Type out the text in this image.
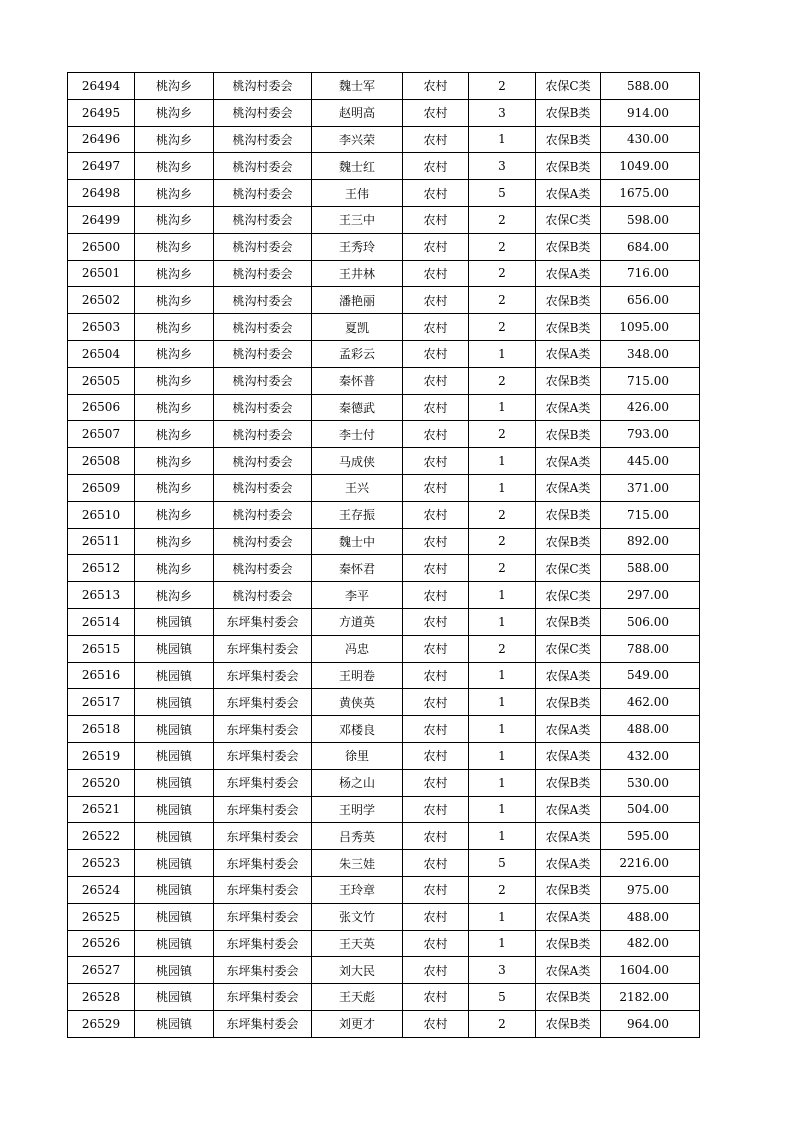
26494	桃沟乡	桃沟村委会	魏士军	农村	2	农保C类	588.00
26495	桃沟乡	桃沟村委会	赵明高	农村	3	农保B类	914.00
26496	桃沟乡	桃沟村委会	李兴荣	农村	1	农保B类	430.00
26497	桃沟乡	桃沟村委会	魏士红	农村	3	农保B类	1049.00
26498	桃沟乡	桃沟村委会	王伟	农村	5	农保A类	1675.00
26499	桃沟乡	桃沟村委会	王三中	农村	2	农保C类	598.00
26500	桃沟乡	桃沟村委会	王秀玲	农村	2	农保B类	684.00
26501	桃沟乡	桃沟村委会	王井林	农村	2	农保A类	716.00
26502	桃沟乡	桃沟村委会	潘艳丽	农村	2	农保B类	656.00
26503	桃沟乡	桃沟村委会	夏凯	农村	2	农保B类	1095.00
26504	桃沟乡	桃沟村委会	孟彩云	农村	1	农保A类	348.00
26505	桃沟乡	桃沟村委会	秦怀普	农村	2	农保B类	715.00
26506	桃沟乡	桃沟村委会	秦德武	农村	1	农保A类	426.00
26507	桃沟乡	桃沟村委会	李士付	农村	2	农保B类	793.00
26508	桃沟乡	桃沟村委会	马成侠	农村	1	农保A类	445.00
26509	桃沟乡	桃沟村委会	王兴	农村	1	农保A类	371.00
26510	桃沟乡	桃沟村委会	王存振	农村	2	农保B类	715.00
26511	桃沟乡	桃沟村委会	魏士中	农村	2	农保B类	892.00
26512	桃沟乡	桃沟村委会	秦怀君	农村	2	农保C类	588.00
26513	桃沟乡	桃沟村委会	李平	农村	1	农保C类	297.00
26514	桃园镇	东坪集村委会	方道英	农村	1	农保B类	506.00
26515	桃园镇	东坪集村委会	冯忠	农村	2	农保C类	788.00
26516	桃园镇	东坪集村委会	王明卷	农村	1	农保A类	549.00
26517	桃园镇	东坪集村委会	黄侠英	农村	1	农保B类	462.00
26518	桃园镇	东坪集村委会	邓楼良	农村	1	农保A类	488.00
26519	桃园镇	东坪集村委会	徐里	农村	1	农保A类	432.00
26520	桃园镇	东坪集村委会	杨之山	农村	1	农保B类	530.00
26521	桃园镇	东坪集村委会	王明学	农村	1	农保A类	504.00
26522	桃园镇	东坪集村委会	吕秀英	农村	1	农保A类	595.00
26523	桃园镇	东坪集村委会	朱三娃	农村	5	农保A类	2216.00
26524	桃园镇	东坪集村委会	王玲章	农村	2	农保B类	975.00
26525	桃园镇	东坪集村委会	张文竹	农村	1	农保A类	488.00
26526	桃园镇	东坪集村委会	王天英	农村	1	农保B类	482.00
26527	桃园镇	东坪集村委会	刘大民	农村	3	农保A类	1604.00
26528	桃园镇	东坪集村委会	王天彪	农村	5	农保B类	2182.00
26529	桃园镇	东坪集村委会	刘更才	农村	2	农保B类	964.00
